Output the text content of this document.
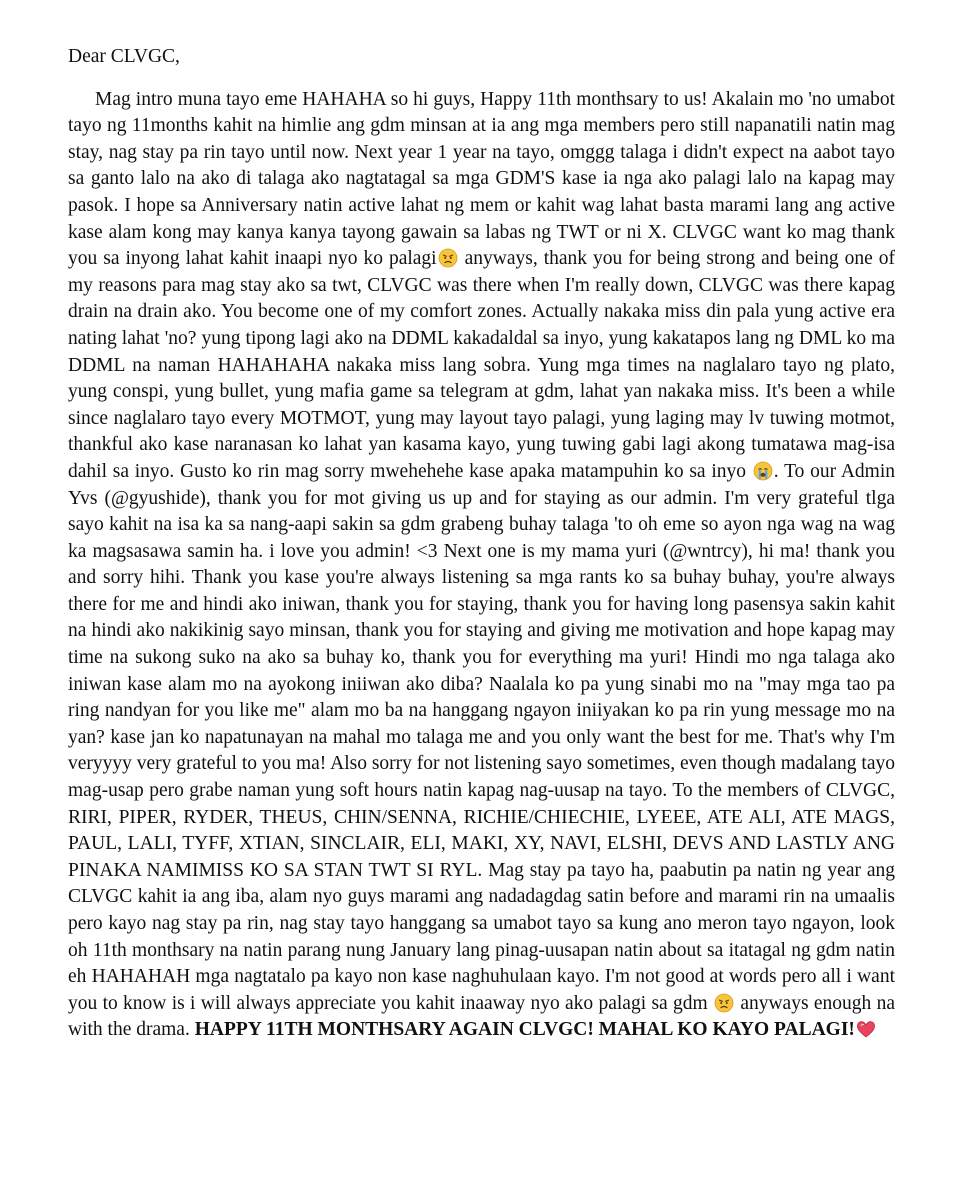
Dear CLVGC,

Mag intro muna tayo eme HAHAHA so hi guys, Happy 11th monthsary to us! Akalain mo 'no umabot tayo ng 11months kahit na himlie ang gdm minsan at ia ang mga members pero still napanatili natin mag stay, nag stay pa rin tayo until now. Next year 1 year na tayo, omggg talaga i didn't expect na aabot tayo sa ganto lalo na ako di talaga ako nagtatagal sa mga GDM'S kase ia nga ako palagi lalo na kapag may pasok. I hope sa Anniversary natin active lahat ng mem or kahit wag lahat basta marami lang ang active kase alam kong may kanya kanya tayong gawain sa labas ng TWT or ni X. CLVGC want ko mag thank you sa inyong lahat kahit inaapi nyo ko palagi
anyways, thank you for being strong and being one of my reasons para mag stay ako sa twt, CLVGC was there when I'm really down, CLVGC was there kapag drain na drain ako. You become one of my comfort zones. Actually nakaka miss din pala yung active era nating lahat 'no? yung tipong lagi ako na DDML kakadaldal sa inyo, yung kakatapos lang ng DML ko ma DDML na naman HAHAHAHA nakaka miss lang sobra. Yung mga times na naglalaro tayo ng plato, yung conspi, yung bullet, yung mafia game sa telegram at gdm, lahat yan nakaka miss. It's been a while since naglalaro tayo every MOTMOT, yung may layout tayo palagi, yung laging may lv tuwing motmot, thankful ako kase naranasan ko lahat yan kasama kayo, yung tuwing gabi lagi akong tumatawa mag-isa dahil sa inyo. Gusto ko rin mag sorry mwehehehe kase apaka matampuhin ko sa inyo
. To our Admin Yvs (@gyushide), thank you for mot giving us up and for staying as our admin. I'm very grateful tlga sayo kahit na isa ka sa nang-aapi sakin sa gdm grabeng buhay talaga 'to oh eme so ayon nga wag na wag ka magsasawa samin ha. i love you admin! <3 Next one is my mama yuri (@wntrcy), hi ma! thank you and sorry hihi. Thank you kase you're always listening sa mga rants ko sa buhay buhay, you're always there for me and hindi ako iniwan, thank you for staying, thank you for having long pasensya sakin kahit na hindi ako nakikinig sayo minsan, thank you for staying and giving me motivation and hope kapag may time na sukong suko na ako sa buhay ko, thank you for everything ma yuri! Hindi mo nga talaga ako iniwan kase alam mo na ayokong iniiwan ako diba? Naalala ko pa yung sinabi mo na "may mga tao pa ring nandyan for you like me" alam mo ba na hanggang ngayon iniiyakan ko pa rin yung message mo na yan? kase jan ko napatunayan na mahal mo talaga me and you only want the best for me. That's why I'm veryyyy very grateful to you ma! Also sorry for not listening sayo sometimes, even though madalang tayo mag-usap pero grabe naman yung soft hours natin kapag nag-uusap na tayo. To the members of CLVGC, RIRI, PIPER, RYDER, THEUS, CHIN/SENNA, RICHIE/CHIECHIE, LYEEE, ATE ALI, ATE MAGS, PAUL, LALI, TYFF, XTIAN, SINCLAIR, ELI, MAKI, XY, NAVI, ELSHI, DEVS AND LASTLY ANG PINAKA NAMIMISS KO SA STAN TWT SI RYL. Mag stay pa tayo ha, paabutin pa natin ng year ang CLVGC kahit ia ang iba, alam nyo guys marami ang nadadagdag satin before and marami rin na umaalis pero kayo nag stay pa rin, nag stay tayo hanggang sa umabot tayo sa kung ano meron tayo ngayon, look oh 11th monthsary na natin parang nung January lang pinag-uusapan natin about sa itatagal ng gdm natin eh HAHAHAH mga nagtatalo pa kayo non kase naghuhulaan kayo. I'm not good at words pero all i want you to know is i will always appreciate you kahit inaaway nyo ako palagi sa gdm
anyways enough na with the drama. HAPPY 11TH MONTHSARY AGAIN CLVGC! MAHAL KO KAYO PALAGI!
